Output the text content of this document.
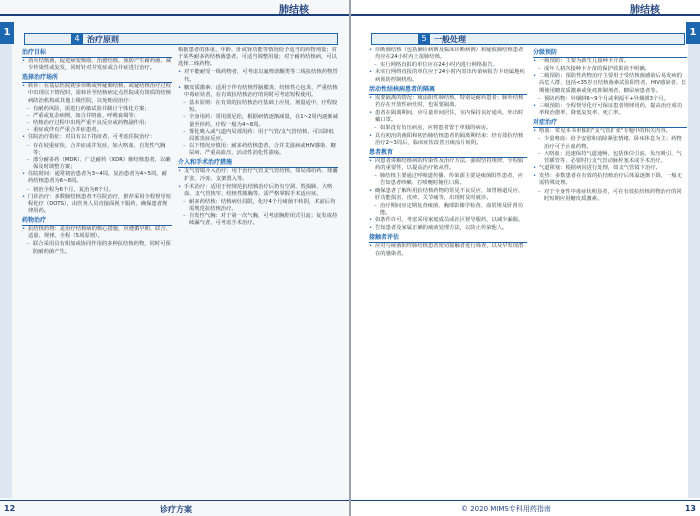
肺结核
1
4 治疗原则
治疗目标
• 消灭结核菌，促进病变吸收、治愈结核，预防产生耐药菌，减少传染性或复发，同时针对并发症或合并症进行治疗。
选择治疗场所
• 转诊：在基层医院初步诊断或怀疑肺结核，或疑结核治疗过程中出现以下情况时，需转诊至结核病定点医院或有资质的结核病防治机构或其他上级医院，以免贻误治疗：
– 有耐药风险，需进行药敏试验并制订个体化方案；
– 严重或复杂病例，如合并咯血、呼吸衰竭等；
– 结核治疗过程中出现严重不良反应或药物副作用；
– 重症或伴有严重合并症患者。
• 住院治疗指征：对具有以下指征者，可考虑住院治疗：
– 存在较重症状、合并症或并发症，如大咯血、自发性气胸等；
– 部分耐多药（MDR）、广泛耐药（XDR）肺结核患者，以确保及时调整方案；
• 住院时间：通常初治患者为3~4周，复治患者为4~5周，耐药结核患者为6~8周。
– 初治全程为6个月，复治为8个月。
• 门诊治疗：多数肺结核患者不住院治疗，推荐采用全程督导短程化疗（DOTS），由医务人员直接面视下服药，确保患者规律用药。
药物治疗
• 抗结核药物：是治疗结核病的核心措施，应遵循早期、联合、适量、规律、全程（5项原则）。
– 联合采用具有相加或协同作用的多种抗结核药物，同时可预防耐药菌产生。
根据患者的体重、年龄、肝或肾功能等情况给予适当的药物剂量；对于某些耐多药结核菌患者，可适当调整用量；对于耐药结核病，可以选择二线药物。
• 对不能耐受一线药物者，可考虑以氟喹诺酮类等二线抗结核药物替代。
• 糖皮质激素：适用于伴有结核性脑膜炎、结核性心包炎、严重结核中毒症状者，在有效抗结核治疗的同时可考虑短程使用。
– 基本原则：在有效的抗结核治疗基础上应用，剂量适中，疗程较短。
– 全身用药：常用泼尼松，根据病情逐渐减量，在1~2周内逐渐减量至停药，疗程一般为4~8周。
– 雾化吸入或气道内局部用药：用于气管/支气管结核，可以降低局部炎症反应。
– 以下情况应慎用：耐多药结核患者、合并艾滋病或HIV感染、糖尿病、严重高血压、活动性消化性溃疡。
介入和手术治疗措施
• 支气管镜介入治疗：用于治疗气管支气管结核，如局部给药、球囊扩张、冷冻、支架置入等。
• 手术治疗：适用于经规范抗结核治疗后仍有空洞、毁损肺、大咯血、支气管狭窄、结核性脓胸等，需严格掌握手术适应症。
– 耐多药结核：结核病灶局限，化疗4个月痰菌不转阴，术前后均需规范抗结核治疗。
– 自发性气胸：对于第一次气胸，可考虑胸腔闭式引流；复发或持续漏气者，可考虑手术治疗。
12	诊疗方案
肺结核
1
5 一般处理
• 诊断肺结核（包括确诊病例及临床诊断病例）和疑似肺结核患者均应在24小时内上报肺结核。
– 实行网络直报的单位应在24小时内进行网络报告。
• 未实行网络直报的单位应于24小时内寄出传染病报告卡给属地疾病预防控制机构。
活动性结核病患者的隔离
• 需要隔离的情况：痰涂阳性肺结核、特别是耐药患者；肺外结核若存在开放性病灶时，也需要隔离。
• 患者在隔离期间，应尽量单间居住，室内保持良好通风，外出时戴口罩。
– 如果没有负压病房，应将患者置于单独的病房。
• 具有初治的菌阳和初治肺结核患者的隔离期结束：经有效抗结核治疗2~3周后，临床症状改善且痰涂片转阴。
患者教育
• 向患者讲解结核病的传染性及治疗方法，强调坚持规律、全程服药的重要性，以提高治疗依从性。
– 肺结核主要通过呼吸道传播，传染源主要是痰菌阳性患者，应告知患者咳嗽、打喷嚏时掩住口鼻。
• 确保患者了解所用抗结核药物的常见不良反应，如胃肠道反应、肝功能损害、皮疹、关节痛等，出现时及时就诊。
– 治疗期间应定期复查痰菌、胸部影像学检查、血常规及肝肾功能。
• 如条件许可，考虑采用家庭成员或社区督导服药，以减少漏服。
• 告知患者及家属正确的痰液处理方法，以防止传染他人。
接触者评估
• 应对与痰菌阳性肺结核患者密切接触者进行筛查，以及早发现潜在的感染者。
分级预防
• 一级预防：主要为新生儿接种卡介苗。
– 成年人初次接种卡介苗的保护效果尚不明确。
• 二级预防：预防性药物治疗主要用于受结核菌感染后易发病的高危人群，包括<35岁且结核菌素试验阳性者、HIV感染者、长期使用糖皮质激素或免疫抑制剂者、糖尿病患者等。
– 预防药物：异烟肼6~9个月或利福平+异烟肼3个月。
• 三级预防：全程督导化疗可保证患者规律用药，提高治疗成功率和治愈率，降低复发率、死亡率。
对症治疗
• 咯血：常见本书单独的"支气管扩张"专题中的相关内容。
– 少量咯血：给予安慰和消除紧张情绪，卧床休息为主；药物治疗可予止血药物。
– 大咯血：迅速保持气道通畅，包括体位引流、负压吸引、气管插管等，必要时行支气管动脉栓塞术或手术治疗。
• 气道阻塞：根据病因进行处理，如支气管镜下治疗。
• 发热：多数患者在有效的抗结核治疗后体温逐渐下降，一般无需特殊处理。
– 对于全身性中毒症状明显者，可在有效抗结核药物治疗的同时短期应用糖皮质激素。
© 2020 MIMS专科用药指南	13
